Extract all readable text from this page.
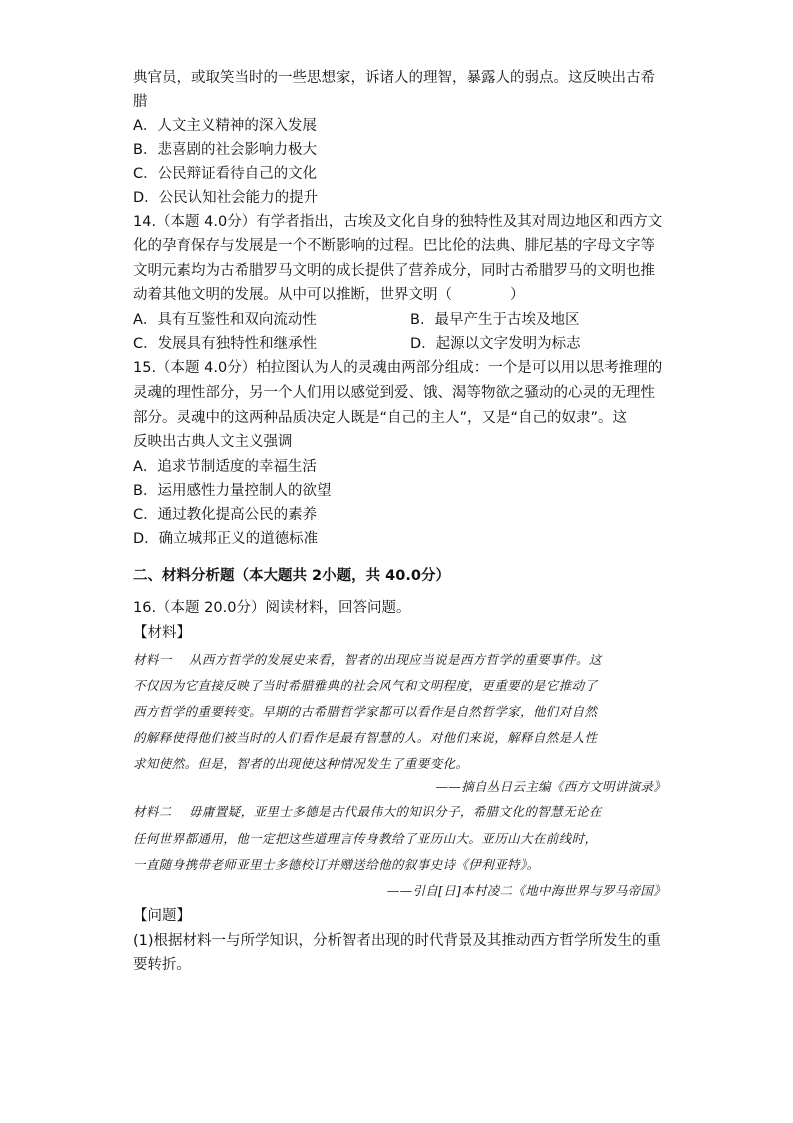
典官员，或取笑当时的一些思想家，诉诸人的理智，暴露人的弱点。这反映出古希
腊
A．人文主义精神的深入发展
B．悲喜剧的社会影响力极大
C．公民辩证看待自己的文化
D．公民认知社会能力的提升
14.（本题 4.0分）有学者指出，古埃及文化自身的独特性及其对周边地区和西方文
化的孕育保存与发展是一个不断影响的过程。巴比伦的法典、腓尼基的字母文字等
文明元素均为古希腊罗马文明的成长提供了营养成分，同时古希腊罗马的文明也推
动着其他文明的发展。从中可以推断，世界文明（　　　　）
A．具有互鉴性和双向流动性	B．最早产生于古埃及地区
C．发展具有独特性和继承性	D．起源以文字发明为标志
15.（本题 4.0分）柏拉图认为人的灵魂由两部分组成：一个是可以用以思考推理的
灵魂的理性部分，另一个人们用以感觉到爱、饿、渴等物欲之骚动的心灵的无理性
部分。灵魂中的这两种品质决定人既是“自己的主人”，又是“自己的奴隶”。这
反映出古典人文主义强调
A．追求节制适度的幸福生活
B．运用感性力量控制人的欲望
C．通过教化提高公民的素养
D．确立城邦正义的道德标准
二、材料分析题（本大题共 2小题，共 40.0分）
16.（本题 20.0分）阅读材料，回答问题。
【材料】
材料一　 从西方哲学的发展史来看，智者的出现应当说是西方哲学的重要事件。这
不仅因为它直接反映了当时希腊雅典的社会风气和文明程度，更重要的是它推动了
西方哲学的重要转变。早期的古希腊哲学家都可以看作是自然哲学家，他们对自然
的解释使得他们被当时的人们看作是最有智慧的人。对他们来说，解释自然是人性
求知使然。但是，智者的出现使这种情况发生了重要变化。
——摘自丛日云主编《西方文明讲演录》
材料二　 毋庸置疑，亚里士多德是古代最伟大的知识分子，希腊文化的智慧无论在
任何世界都通用，他一定把这些道理言传身教给了亚历山大。亚历山大在前线时，
一直随身携带老师亚里士多德校订并赠送给他的叙事史诗《伊利亚特》。
——引自[日]本村凌二《地中海世界与罗马帝国》
【问题】
(1)根据材料一与所学知识，分析智者出现的时代背景及其推动西方哲学所发生的重
要转折。
